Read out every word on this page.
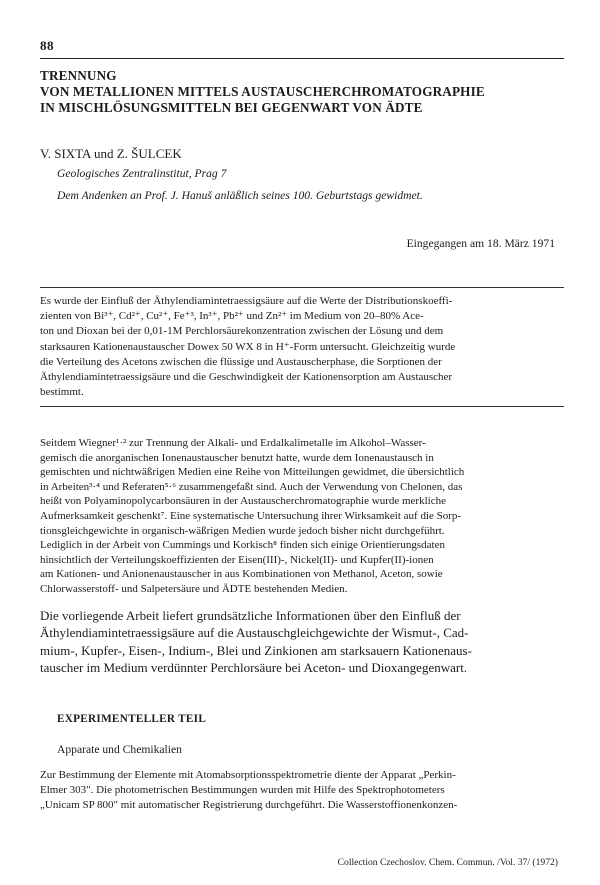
88
TRENNUNG
VON METALLIONEN MITTELS AUSTAUSCHERCHROMATOGRAPHIE
IN MISCHLÖSUNGSMITTELN BEI GEGENWART VON ÄDTE
V. SIXTA und Z. ŠULCEK
Geologisches Zentralinstitut, Prag 7
Dem Andenken an Prof. J. Hanuš anläßlich seines 100. Geburtstags gewidmet.
Eingegangen am 18. März 1971
Es wurde der Einfluß der Äthylendiamintetraessigsäure auf die Werte der Distributionskoeffi-
zienten von Bi³⁺, Cd²⁺, Cu²⁺, Fe⁺³, In³⁺, Pb²⁺ und Zn²⁺ im Medium von 20–80% Ace-
ton und Dioxan bei der 0,01-1M Perchlorsäurekonzentration zwischen der Lösung und dem
starksauren Kationenaustauscher Dowex 50 WX 8 in H⁺-Form untersucht. Gleichzeitig wurde
die Verteilung des Acetons zwischen die flüssige und Austauscherphase, die Sorptionen der
Äthylendiamintetraessigsäure und die Geschwindigkeit der Kationensorption am Austauscher
bestimmt.
Seitdem Wiegner¹·² zur Trennung der Alkali- und Erdalkalimetalle im Alkohol–Wasser-
gemisch die anorganischen Ionenaustauscher benutzt hatte, wurde dem Ionenaustausch in
gemischten und nichtwäßrigen Medien eine Reihe von Mitteilungen gewidmet, die übersichtlich
in Arbeiten³·⁴ und Referaten⁵·⁶ zusammengefaßt sind. Auch der Verwendung von Chelonen, das
heißt von Polyaminopolycarbonsäuren in der Austauscherchromatographie wurde merkliche
Aufmerksamkeit geschenkt⁷. Eine systematische Untersuchung ihrer Wirksamkeit auf die Sorp-
tionsgleichgewichte in organisch-wäßrigen Medien wurde jedoch bisher nicht durchgeführt.
Lediglich in der Arbeit von Cummings und Korkisch⁸ finden sich einige Orientierungsdaten
hinsichtlich der Verteilungskoeffizienten der Eisen(III)-, Nickel(II)- und Kupfer(II)-ionen
am Kationen- und Anionenaustauscher in aus Kombinationen von Methanol, Aceton, sowie
Chlorwasserstoff- und Salpetersäure und ÄDTE bestehenden Medien.
Die vorliegende Arbeit liefert grundsätzliche Informationen über den Einfluß der
Äthylendiamintetraessigsäure auf die Austauschgleichgewichte der Wismut-, Cad-
mium-, Kupfer-, Eisen-, Indium-, Blei und Zinkionen am starksauern Kationenaus-
tauscher im Medium verdünnter Perchlorsäure bei Aceton- und Dioxangegenwart.
EXPERIMENTELLER TEIL
Apparate und Chemikalien
Zur Bestimmung der Elemente mit Atomabsorptionsspektrometrie diente der Apparat „Perkin-
Elmer 303". Die photometrischen Bestimmungen wurden mit Hilfe des Spektrophotometers
„Unicam SP 800" mit automatischer Registrierung durchgeführt. Die Wasserstoffionenkonzen-
Collection Czechoslov. Chem. Commun. /Vol. 37/ (1972)
